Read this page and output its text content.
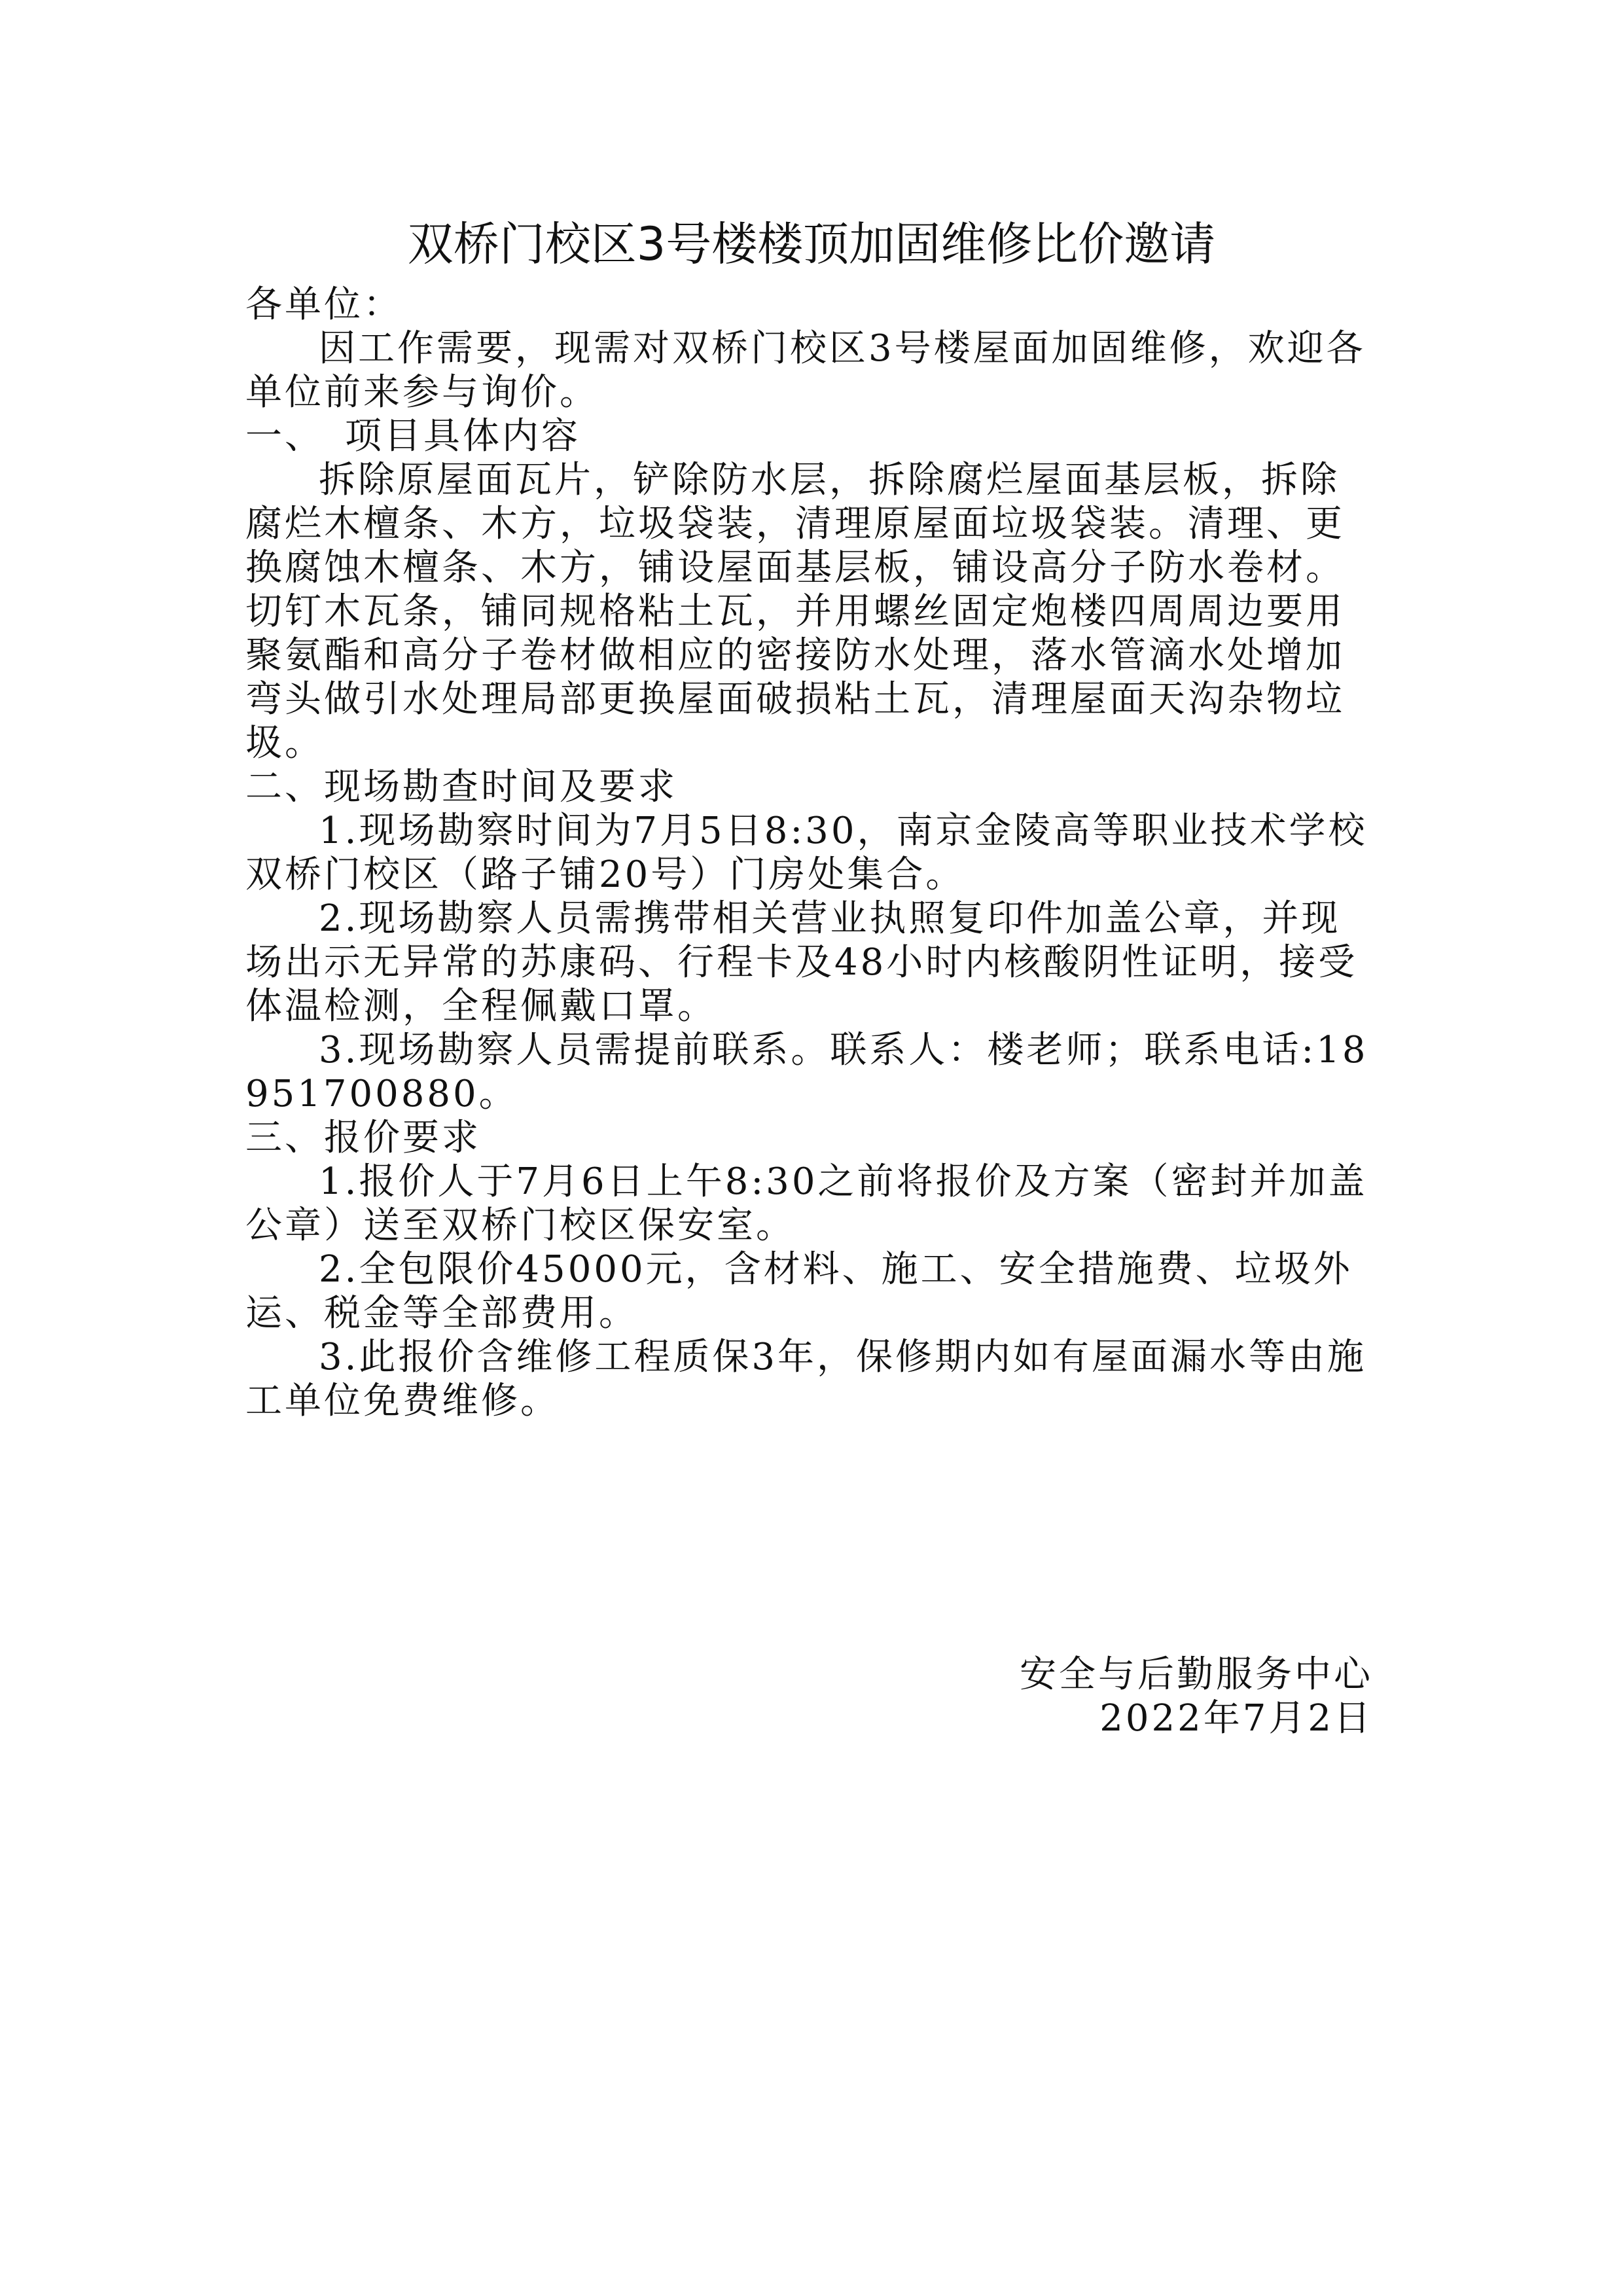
双桥门校区3号楼楼顶加固维修比价邀请
各单位：
因工作需要，现需对双桥门校区3号楼屋面加固维修，欢迎各单位前来参与询价。
一、　项目具体内容
拆除原屋面瓦片，铲除防水层，拆除腐烂屋面基层板，拆除腐烂木檀条、木方，垃圾袋装，清理原屋面垃圾袋装。清理、更换腐蚀木檀条、木方，铺设屋面基层板，铺设高分子防水卷材。切钉木瓦条，铺同规格粘土瓦，并用螺丝固定炮楼四周周边要用聚氨酯和高分子卷材做相应的密接防水处理，落水管滴水处增加弯头做引水处理局部更换屋面破损粘土瓦，清理屋面天沟杂物垃圾。
二、现场勘查时间及要求
1.现场勘察时间为7月5日8:30，南京金陵高等职业技术学校双桥门校区（路子铺20号）门房处集合。
2.现场勘察人员需携带相关营业执照复印件加盖公章，并现场出示无异常的苏康码、行程卡及48小时内核酸阴性证明，接受体温检测，全程佩戴口罩。
3.现场勘察人员需提前联系。联系人：楼老师；联系电话:18951700880。
三、报价要求
1.报价人于7月6日上午8:30之前将报价及方案（密封并加盖公章）送至双桥门校区保安室。
2.全包限价45000元，含材料、施工、安全措施费、垃圾外运、税金等全部费用。
3.此报价含维修工程质保3年，保修期内如有屋面漏水等由施工单位免费维修。
安全与后勤服务中心
2022年7月2日
